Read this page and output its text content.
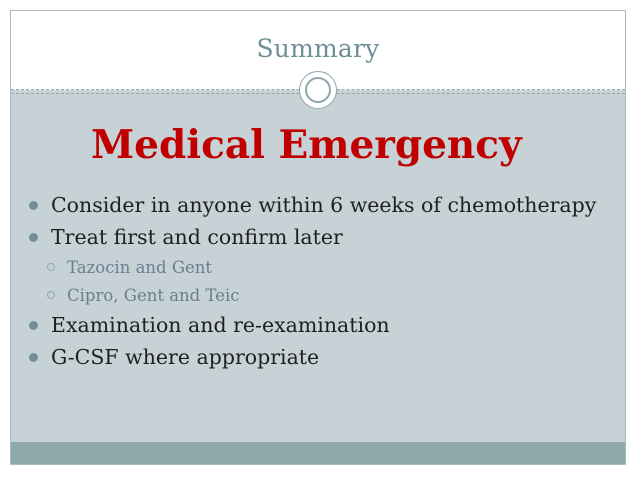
Summary
Medical Emergency
Consider in anyone within 6 weeks of chemotherapy
Treat first and confirm later
Tazocin and Gent
Cipro, Gent and Teic
Examination and re-examination
G-CSF where appropriate
